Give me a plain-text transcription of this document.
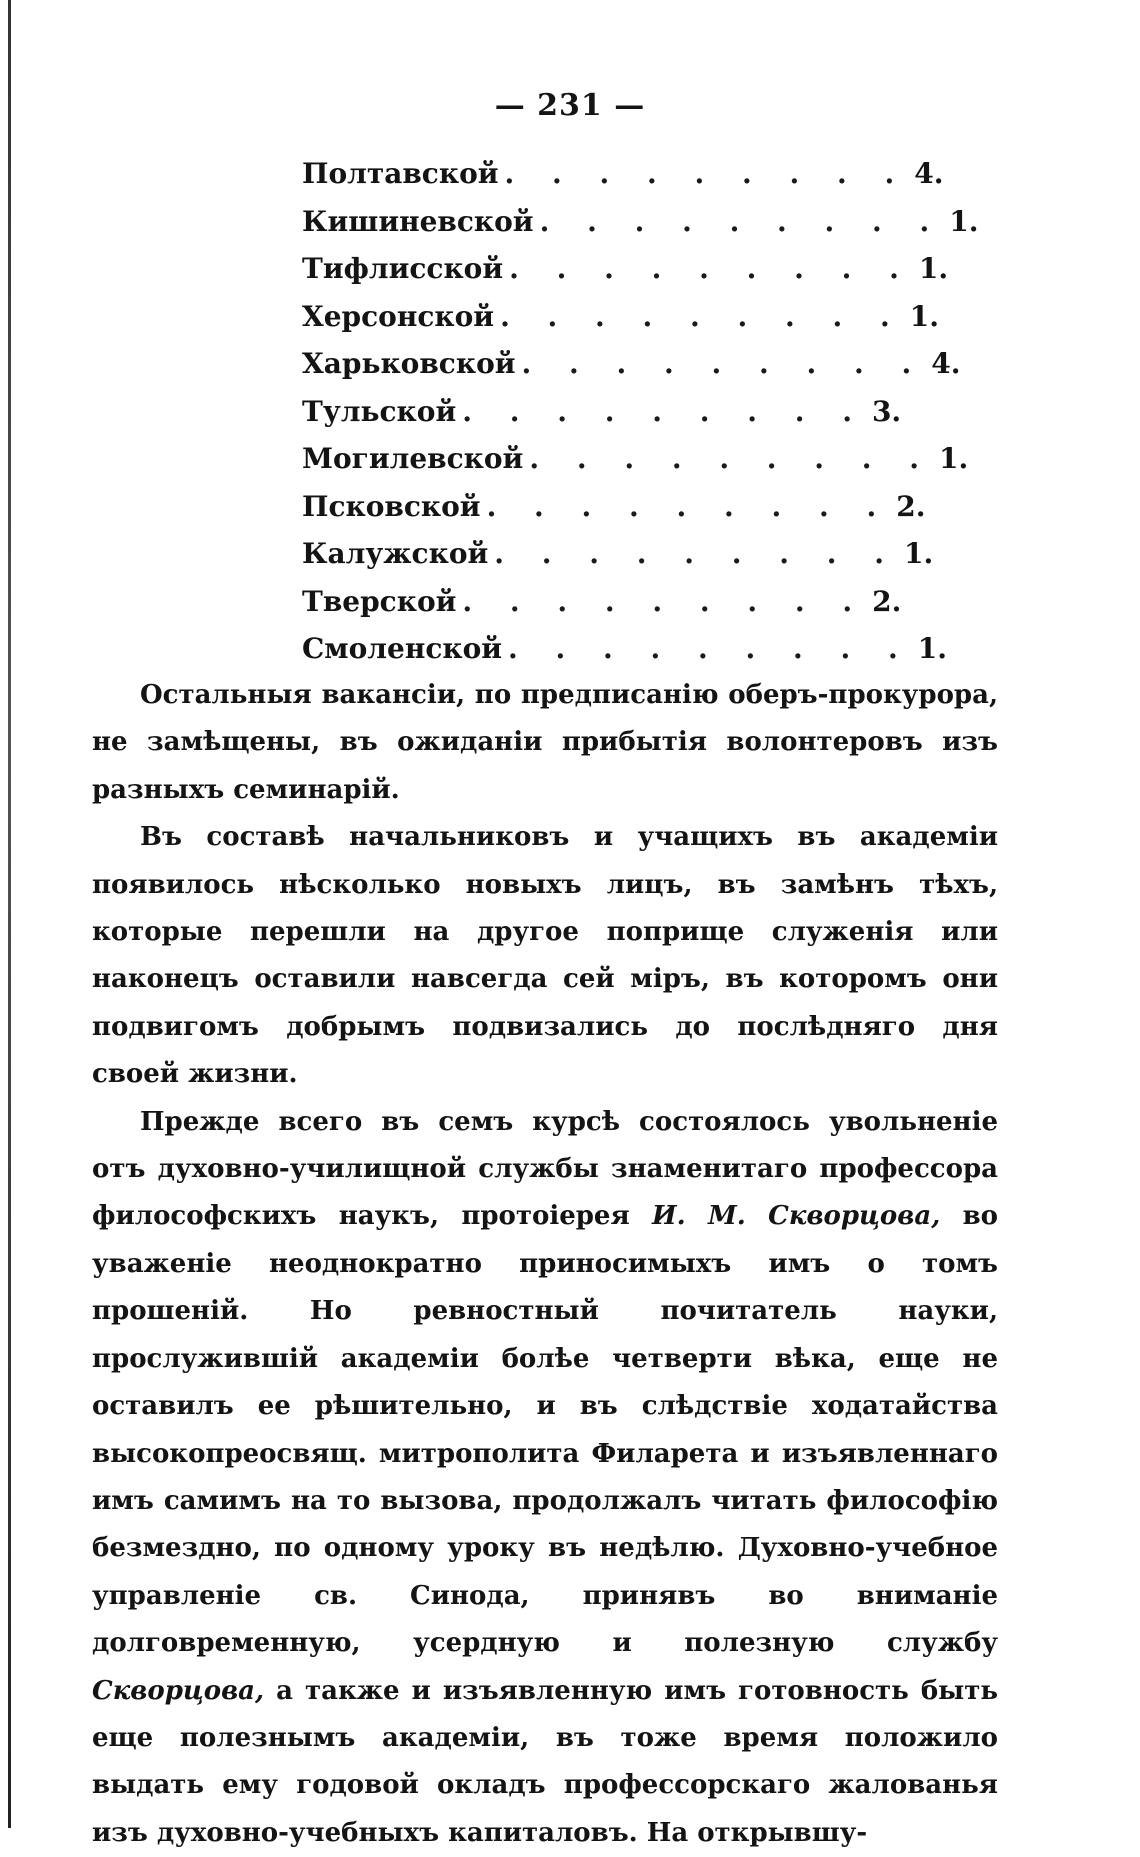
— 231 —
Полтавской . . . . . . . . . 4.
Кишиневской . . . . . . . . . 1.
Тифлисской . . . . . . . . . 1.
Херсонской . . . . . . . . . 1.
Харьковской . . . . . . . . . 4.
Тульской . . . . . . . . . 3.
Могилевской . . . . . . . . . 1.
Псковской . . . . . . . . . 2.
Калужской . . . . . . . . . 1.
Тверской . . . . . . . . . 2.
Смоленской . . . . . . . . . 1.

Остальныя вакансіи, по предписанію оберъ-прокурора, не замѣщены, въ ожиданіи прибытія волонтеровъ изъ разныхъ семинарій.

Въ составѣ начальниковъ и учащихъ въ академіи появилось нѣсколько новыхъ лицъ, въ замѣнъ тѣхъ, которые перешли на другое поприще служенія или наконецъ оставили навсегда сей міръ, въ которомъ они подвигомъ добрымъ подвизались до послѣдняго дня своей жизни.

Прежде всего въ семъ курсѣ состоялось увольненіе отъ духовно-училищной службы знаменитаго профессора философскихъ наукъ, протоіерея И. М. Скворцова, во уваженіе неоднократно приносимыхъ имъ о томъ прошеній. Но ревностный почитатель науки, прослужившій академіи болѣе четверти вѣка, еще не оставилъ ее рѣшительно, и въ слѣдствіе ходатайства высокопреосвящ. митрополита Филарета и изъявленнаго имъ самимъ на то вызова, продолжалъ читать философію безмездно, по одному уроку въ недѣлю. Духовно-учебное управленіе св. Синода, принявъ во вниманіе долговременную, усердную и полезную службу Скворцова, а также и изъявленную имъ готовность быть еще полезнымъ академіи, въ тоже время положило выдать ему годовой окладъ профессорскаго жалованья изъ духовно-учебныхъ капиталовъ. На открывшу-
